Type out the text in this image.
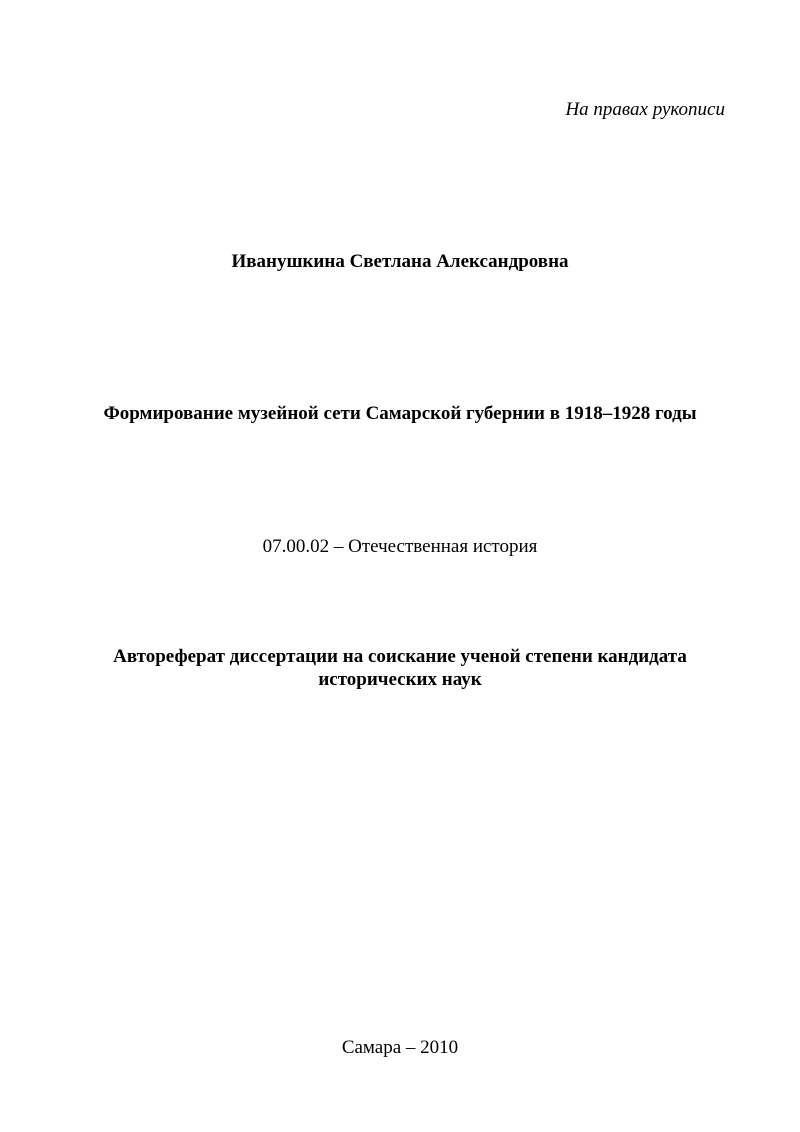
На правах рукописи
Иванушкина Светлана Александровна
Формирование музейной сети Самарской губернии в 1918–1928 годы
07.00.02 – Отечественная история
Автореферат диссертации на соискание ученой степени кандидата
исторических наук
Самара – 2010
